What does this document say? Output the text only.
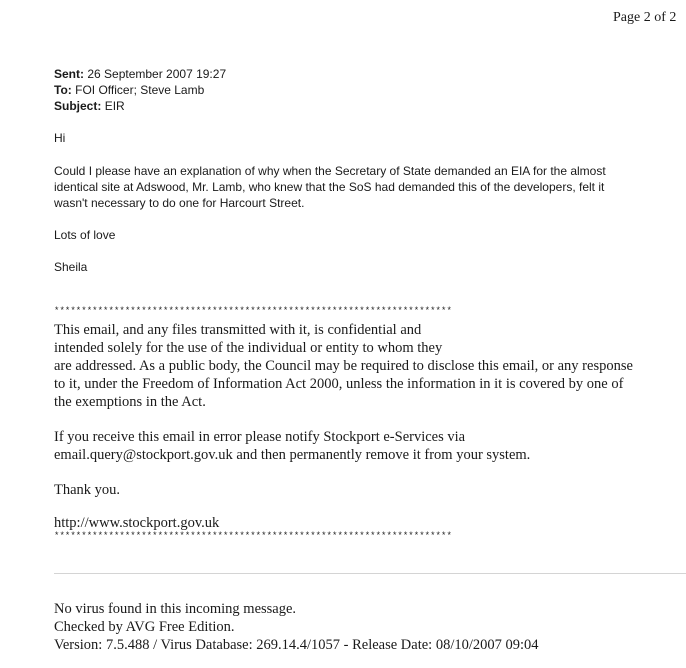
Page 2 of 2
Sent: 26 September 2007 19:27
To: FOI Officer; Steve Lamb
Subject: EIR
Hi
Could I please have an explanation of why when the Secretary of State demanded an EIA for the almost
identical site at Adswood, Mr. Lamb, who knew that the SoS had demanded this of the developers, felt it
wasn't necessary to do one for Harcourt Street.
Lots of love
Sheila
*************************************************************************
This email, and any files transmitted with it, is confidential and
intended solely for the use of the individual or entity to whom they
are addressed. As a public body, the Council may be required to disclose this email, or any response
to it, under the Freedom of Information Act 2000, unless the information in it is covered by one of
the exemptions in the Act.
If you receive this email in error please notify Stockport e-Services via
email.query@stockport.gov.uk and then permanently remove it from your system.
Thank you.
http://www.stockport.gov.uk
*************************************************************************
No virus found in this incoming message.
Checked by AVG Free Edition.
Version: 7.5.488 / Virus Database: 269.14.4/1057 - Release Date: 08/10/2007 09:04
